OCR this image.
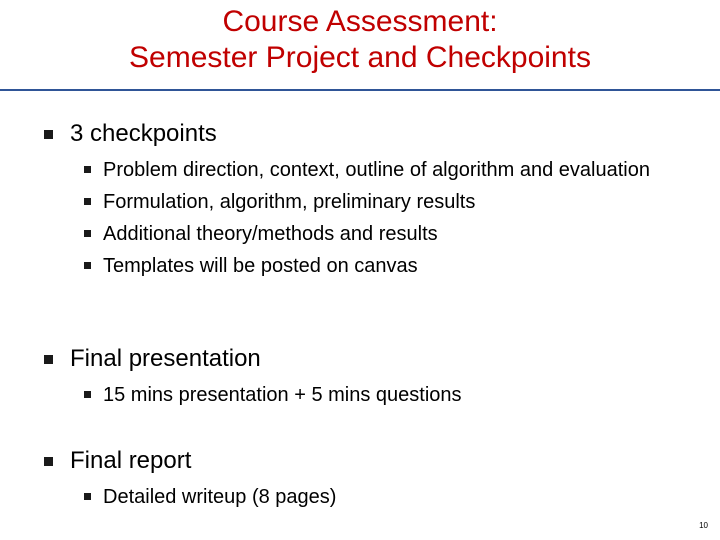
Course Assessment:
Semester Project and Checkpoints
3 checkpoints
Problem direction, context, outline of algorithm and evaluation
Formulation, algorithm, preliminary results
Additional theory/methods and results
Templates will be posted on canvas
Final presentation
15 mins presentation + 5 mins questions
Final report
Detailed writeup (8 pages)
10
